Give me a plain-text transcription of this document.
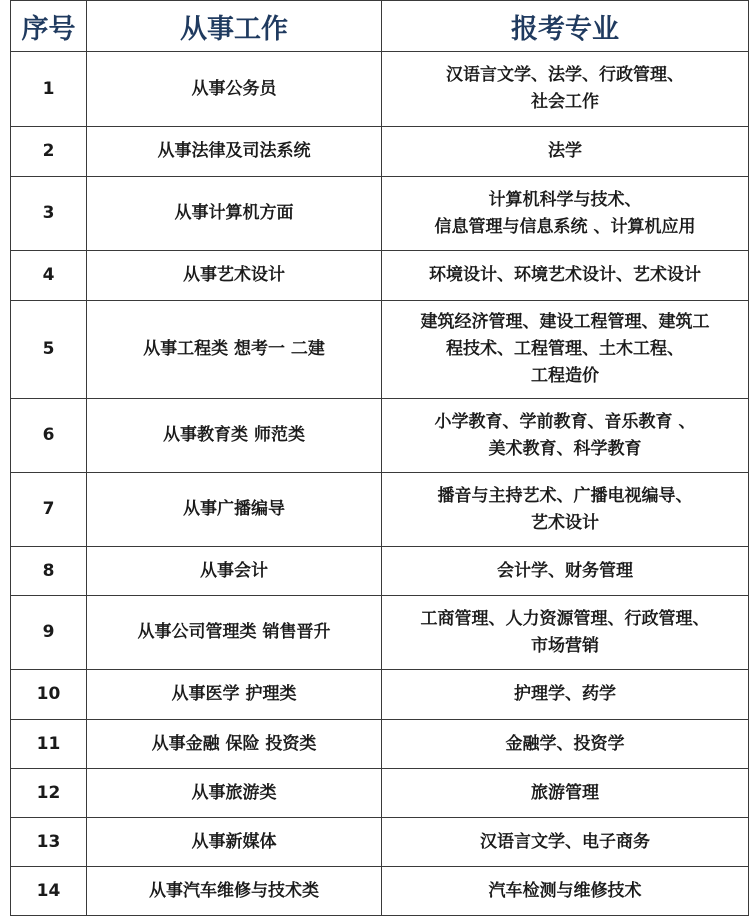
序号	从事工作	报考专业
1	从事公务员	汉语言文学、法学、行政管理、
社会工作

2	从事法律及司法系统	法学

3	从事计算机方面	计算机科学与技术、
信息管理与信息系统 、计算机应用

4	从事艺术设计	环境设计、环境艺术设计、艺术设计

5	从事工程类 想考一 二建	建筑经济管理、建设工程管理、建筑工
程技术、工程管理、土木工程、
工程造价

6	从事教育类 师范类	小学教育、学前教育、音乐教育 、
美术教育、科学教育

7	从事广播编导	播音与主持艺术、广播电视编导、
艺术设计

8	从事会计	会计学、财务管理

9	从事公司管理类 销售晋升	工商管理、人力资源管理、行政管理、
市场营销

10	从事医学 护理类	护理学、药学

11	从事金融 保险 投资类	金融学、投资学

12	从事旅游类	旅游管理

13	从事新媒体	汉语言文学、电子商务

14	从事汽车维修与技术类	汽车检测与维修技术
